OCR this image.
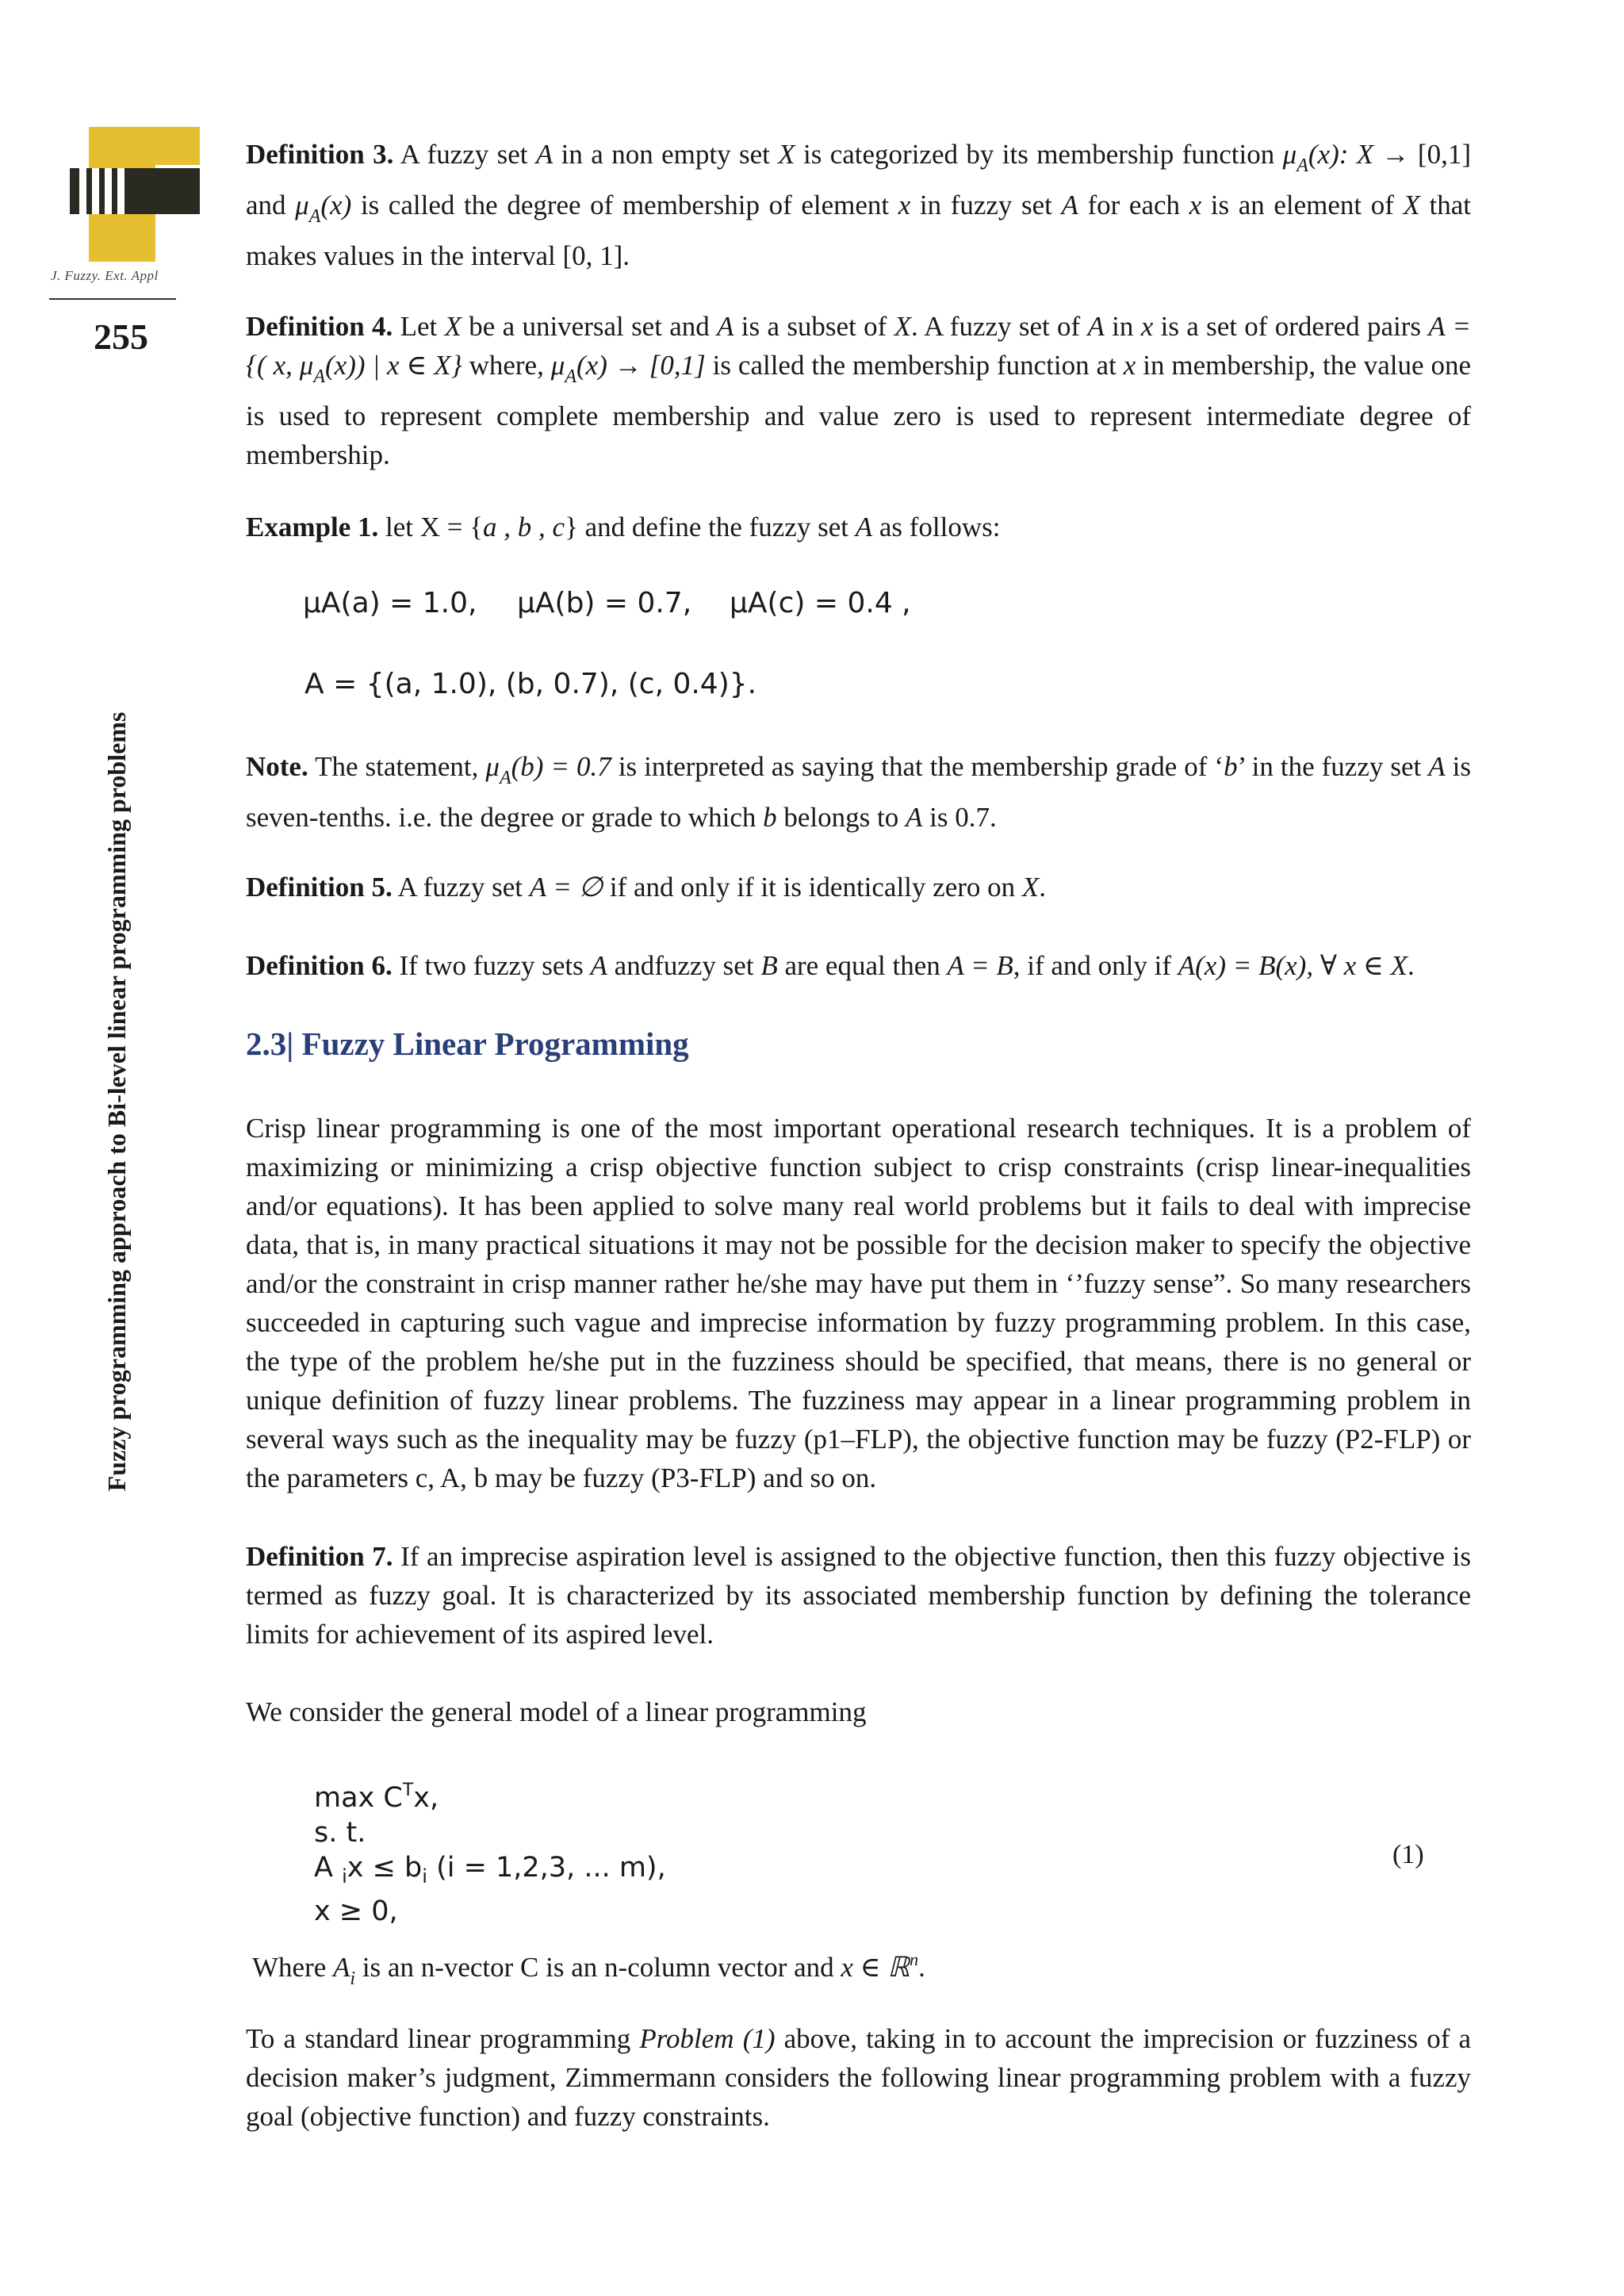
J. Fuzzy. Ext. Appl
255
Fuzzy programming approach to Bi-level linear programming problems

Definition 3. A fuzzy set A in a non empty set X is categorized by its membership function $\mu_A(x)$: X → [0,1] and $\mu_A(x)$ is called the degree of membership of element x in fuzzy set A for each x is an element of X that makes values in the interval [0, 1].

Definition 4. Let X be a universal set and A is a subset of X. A fuzzy set of A in x is a set of ordered pairs A = {( x, $\mu_A(x)$) | x ∈ X} where, $\mu_A(x) \to [0,1]$ is called the membership function at x in membership, the value one is used to represent complete membership and value zero is used to represent intermediate degree of membership.

Example 1. let X = {a , b , c} and define the fuzzy set A as follows:

μA(a) = 1.0, μA(b) = 0.7, μA(c) = 0.4 ,
A = {(a, 1.0), (b, 0.7), (c, 0.4)}.

Note. The statement, $\mu_A(b) = 0.7$ is interpreted as saying that the membership grade of ‘b’ in the fuzzy set A is seven-tenths. i.e. the degree or grade to which b belongs to A is 0.7.

Definition 5. A fuzzy set A = ∅ if and only if it is identically zero on X.

Definition 6. If two fuzzy sets A andfuzzy set B are equal then A = B, if and only if A(x) = B(x), ∀ x ∈ X.

2.3| Fuzzy Linear Programming

Crisp linear programming is one of the most important operational research techniques. It is a problem of maximizing or minimizing a crisp objective function subject to crisp constraints (crisp linear-inequalities and/or equations). It has been applied to solve many real world problems but it fails to deal with imprecise data, that is, in many practical situations it may not be possible for the decision maker to specify the objective and/or the constraint in crisp manner rather he/she may have put them in ‘’fuzzy sense”. So many researchers succeeded in capturing such vague and imprecise information by fuzzy programming problem. In this case, the type of the problem he/she put in the fuzziness should be specified, that means, there is no general or unique definition of fuzzy linear problems. The fuzziness may appear in a linear programming problem in several ways such as the inequality may be fuzzy (p1–FLP), the objective function may be fuzzy (P2-FLP) or the parameters c, A, b may be fuzzy (P3-FLP) and so on.

Definition 7. If an imprecise aspiration level is assigned to the objective function, then this fuzzy objective is termed as fuzzy goal. It is characterized by its associated membership function by defining the tolerance limits for achievement of its aspired level.

We consider the general model of a linear programming

$\max C^Tx$,
s. t.
A $_ix \le b_i$ (i = 1,2,3, ... m),
x ≥ 0,
(1)

Where $A_i$ is an n-vector C is an n-column vector and x ∈ ℝ$^n$.

To a standard linear programming Problem (1) above, taking in to account the imprecision or fuzziness of a decision maker’s judgment, Zimmermann considers the following linear programming problem with a fuzzy goal (objective function) and fuzzy constraints.
